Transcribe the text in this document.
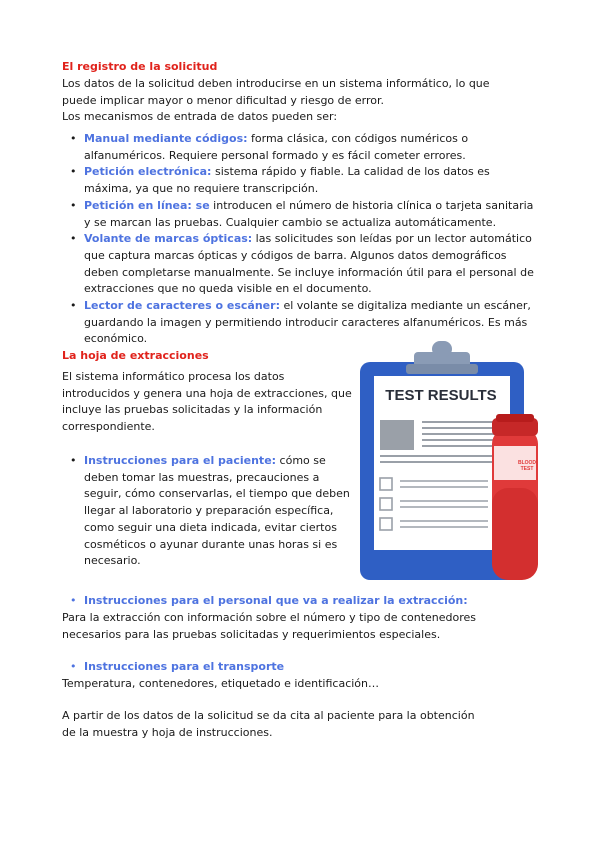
El registro de la solicitud

Los datos de la solicitud deben introducirse en un sistema informático, lo que
puede implicar mayor o menor dificultad y riesgo de error.
Los mecanismos de entrada de datos pueden ser:

• Manual mediante códigos: forma clásica, con códigos numéricos o alfanuméricos. Requiere personal formado y es fácil cometer errores.
• Petición electrónica: sistema rápido y fiable. La calidad de los datos es máxima, ya que no requiere transcripción.
• Petición en línea: se introducen el número de historia clínica o tarjeta sanitaria y se marcan las pruebas. Cualquier cambio se actualiza automáticamente.
• Volante de marcas ópticas: las solicitudes son leídas por un lector automático que captura marcas ópticas y códigos de barra. Algunos datos demográficos deben completarse manualmente. Se incluye información útil para el personal de extracciones que no queda visible en el documento.
• Lector de caracteres o escáner: el volante se digitaliza mediante un escáner, guardando la imagen y permitiendo introducir caracteres alfanuméricos. Es más económico.

La hoja de extracciones

El sistema informático procesa los datos introducidos y genera una hoja de extracciones, que incluye las pruebas solicitadas y la información correspondiente.

• Instrucciones para el paciente: cómo se deben tomar las muestras, precauciones a seguir, cómo conservarlas, el tiempo que deben llegar al laboratorio y preparación específica, como seguir una dieta indicada, evitar ciertos cosméticos o ayunar durante unas horas si es necesario.
• Instrucciones para el personal que va a realizar la extracción:

Para la extracción con información sobre el número y tipo de contenedores necesarios para las pruebas solicitadas y requerimientos especiales.

• Instrucciones para el transporte

Temperatura, contenedores, etiquetado e identificación…

A partir de los datos de la solicitud se da cita al paciente para la obtención de la muestra y hoja de instrucciones.

TEST RESULTS
BLOOD
TEST
